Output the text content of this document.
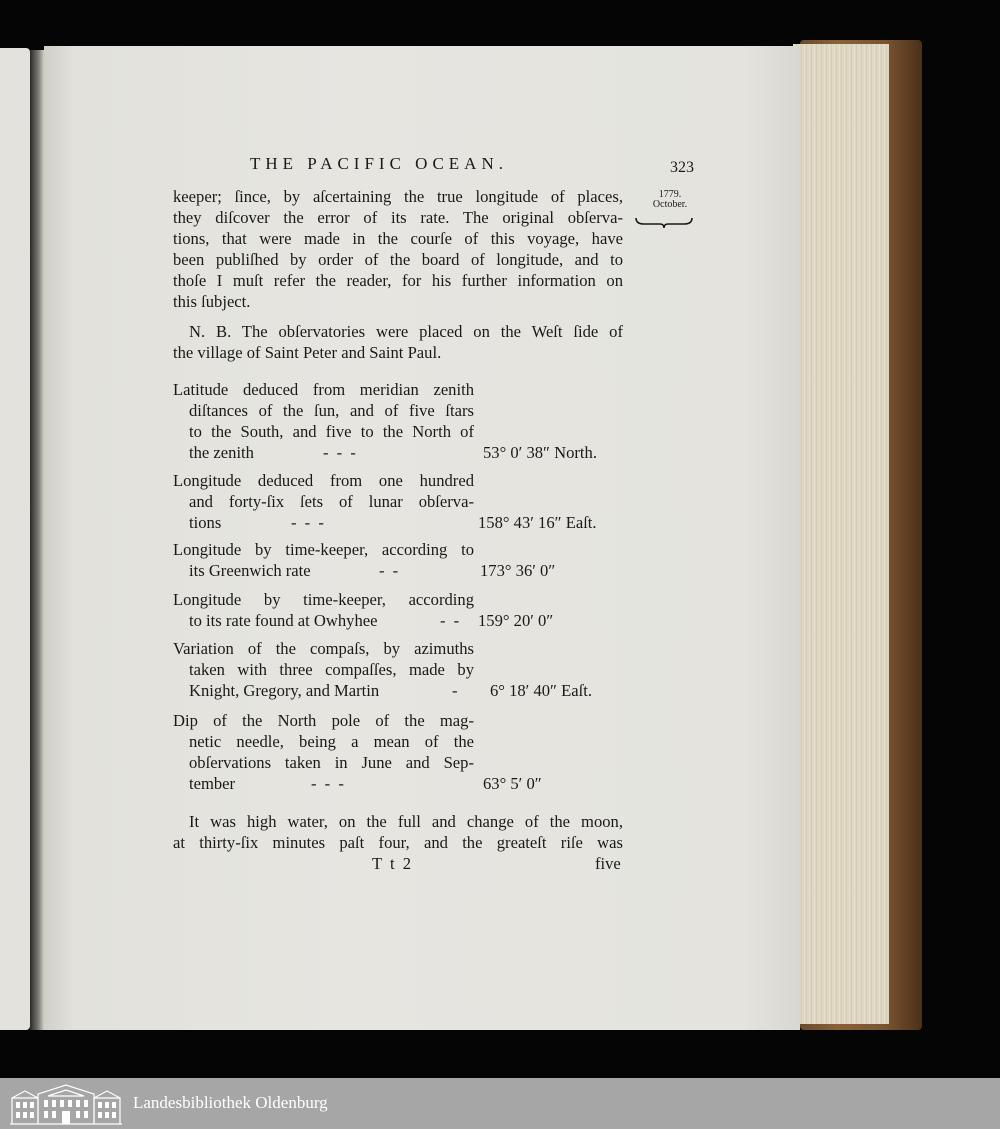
THE PACIFIC OCEAN.	323
1779.
October.

keeper; ſince, by aſcertaining the true longitude of places,
they diſcover the error of its rate. The original obſerva-
tions, that were made in the courſe of this voyage, have
been publiſhed by order of the board of longitude, and to
thoſe I muſt refer the reader, for his further information on
this ſubject.

N. B. The obſervatories were placed on the Weſt ſide of
the village of Saint Peter and Saint Paul.

Latitude deduced from meridian zenith
diſtances of the ſun, and of five ſtars
to the South, and five to the North of
the zenith	- - -	53° 0′ 38″ North.
Longitude deduced from one hundred
and forty-ſix ſets of lunar obſerva-
tions	- - -	158° 43′ 16″ Eaſt.
Longitude by time-keeper, according to
its Greenwich rate	- -	173° 36′ 0″
Longitude by time-keeper, according
to its rate found at Owhyhee	- - 159° 20′ 0″
Variation of the compaſs, by azimuths
taken with three compaſſes, made by
Knight, Gregory, and Martin	- 6° 18′ 40″ Eaſt.
Dip of the North pole of the mag-
netic needle, being a mean of the
obſervations taken in June and Sep-
tember	- - -	63° 5′ 0″

It was high water, on the full and change of the moon,
at thirty-ſix minutes paſt four, and the greateſt riſe was

T t 2	five
Landesbibliothek Oldenburg
